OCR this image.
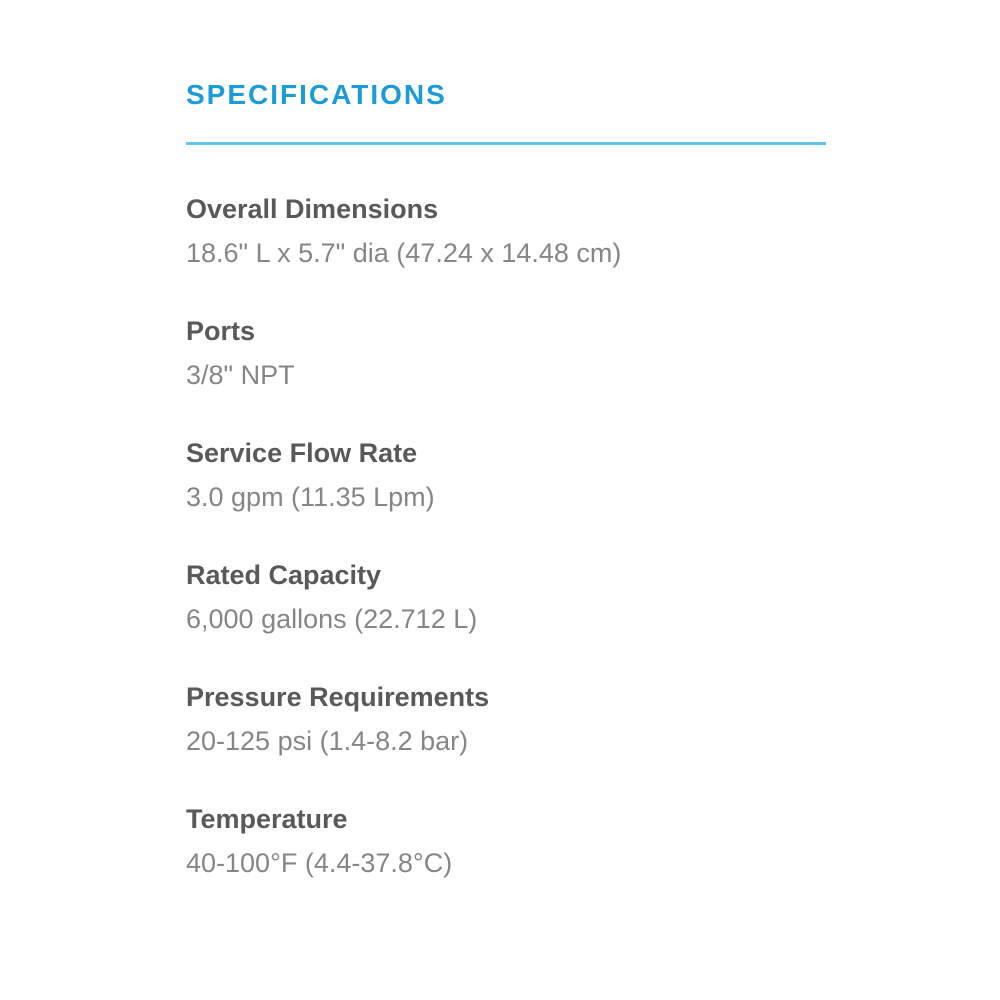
SPECIFICATIONS
Overall Dimensions
18.6" L x 5.7" dia (47.24 x 14.48 cm)
Ports
3/8" NPT
Service Flow Rate
3.0 gpm (11.35 Lpm)
Rated Capacity
6,000 gallons (22.712 L)
Pressure Requirements
20-125 psi (1.4-8.2 bar)
Temperature
40-100°F (4.4-37.8°C)
